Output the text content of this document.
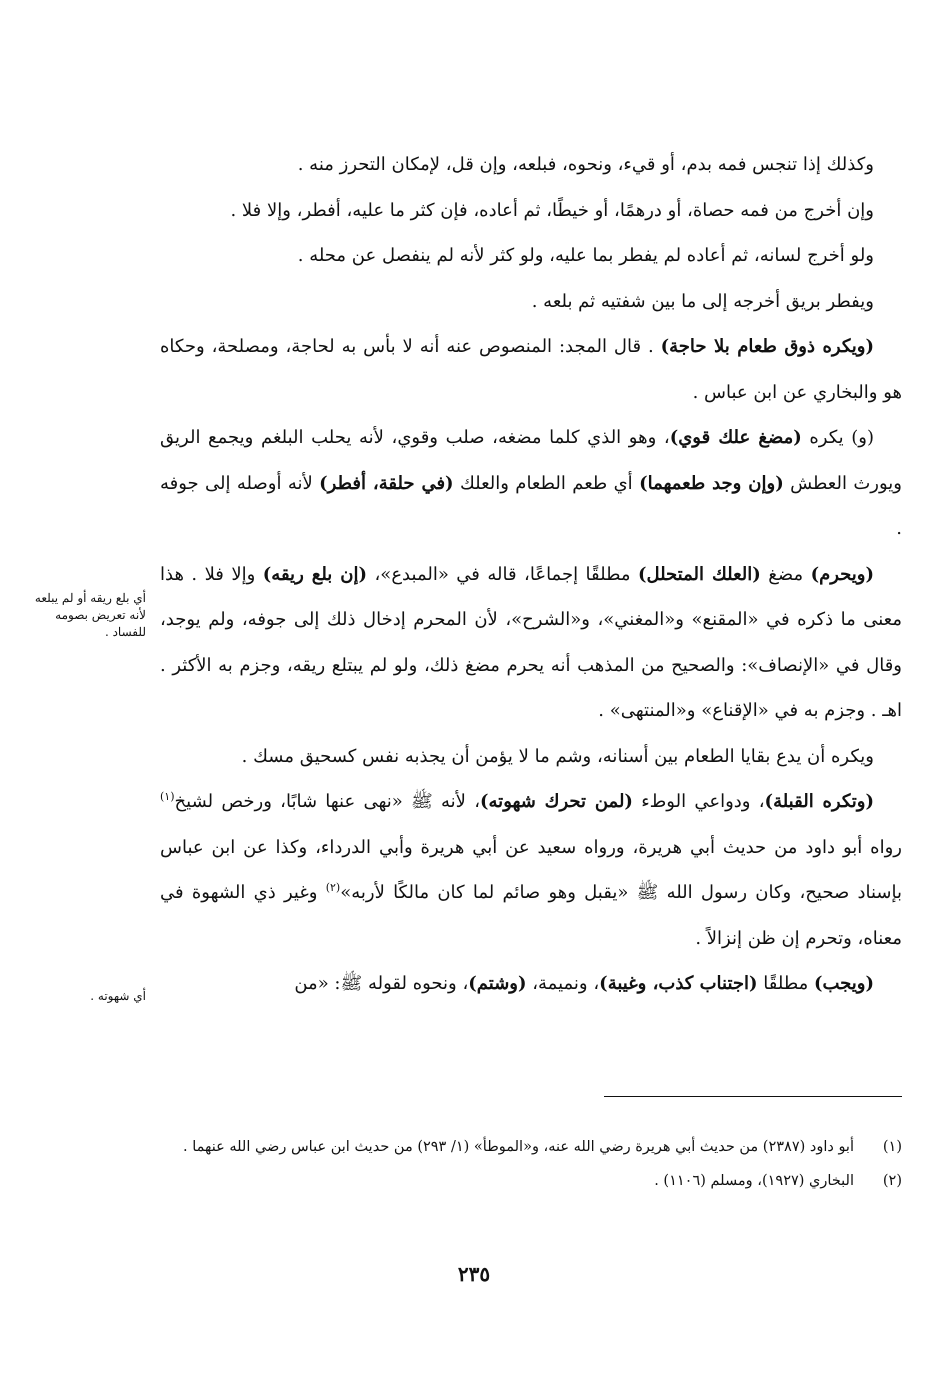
وكذلك إذا تنجس فمه بدم، أو قيء، ونحوه، فبلعه، وإن قل، لإمكان التحرز منه .

وإن أخرج من فمه حصاة، أو درهمًا، أو خيطًا، ثم أعاده، فإن كثر ما عليه، أفطر، وإلا فلا .

ولو أخرج لسانه، ثم أعاده لم يفطر بما عليه، ولو كثر لأنه لم ينفصل عن محله .

ويفطر بريق أخرجه إلى ما بين شفتيه ثم بلعه .

(ويكره ذوق طعام بلا حاجة) . قال المجد: المنصوص عنه أنه لا بأس به لحاجة، ومصلحة، وحكاه هو والبخاري عن ابن عباس .

(و) يكره (مضغ علك قوي)، وهو الذي كلما مضغه، صلب وقوي، لأنه يحلب البلغم ويجمع الريق ويورث العطش (وإن وجد طعمهما) أي طعم الطعام والعلك (في حلقة، أفطر) لأنه أوصله إلى جوفه .

(ويحرم) مضغ (العلك المتحلل) مطلقًا إجماعًا، قاله في «المبدع»، (إن بلع ريقه) وإلا فلا . هذا معنى ما ذكره في «المقنع» و«المغني»، و«الشرح»، لأن المحرم إدخال ذلك إلى جوفه، ولم يوجد، وقال في «الإنصاف»: والصحيح من المذهب أنه يحرم مضغ ذلك، ولو لم يبتلع ريقه، وجزم به الأكثر . اهـ . وجزم به في «الإقناع» و«المنتهى» .

ويكره أن يدع بقايا الطعام بين أسنانه، وشم ما لا يؤمن أن يجذبه نفس كسحيق مسك .

(وتكره القبلة)، ودواعي الوطء (لمن تحرك شهوته)، لأنه ﷺ «نهى عنها شابًا، ورخص لشيخ$^{(١)}$ رواه أبو داود من حديث أبي هريرة، ورواه سعيد عن أبي هريرة وأبي الدرداء، وكذا عن ابن عباس بإسناد صحيح، وكان رسول الله ﷺ «يقبل وهو صائم لما كان مالكًا لأربه»$^{(٢)}$ وغير ذي الشهوة في معناه، وتحرم إن ظن إنزالاً .

(ويجب) مطلقًا (اجتناب كذب، وغيبة)، ونميمة، (وشتم)، ونحوه لقوله ﷺ: «من

أي بلع ريقه أو لم يبلعه لأنه تعريض بصومه للفساد .
أي شهوته .
(١)
أبو داود (٢٣٨٧) من حديث أبي هريرة رضي الله عنه، و«الموطأ» (١/ ٢٩٣) من حديث ابن عباس رضي الله عنهما .
(٢)
البخاري (١٩٢٧)، ومسلم (١١٠٦) .
٢٣٥
